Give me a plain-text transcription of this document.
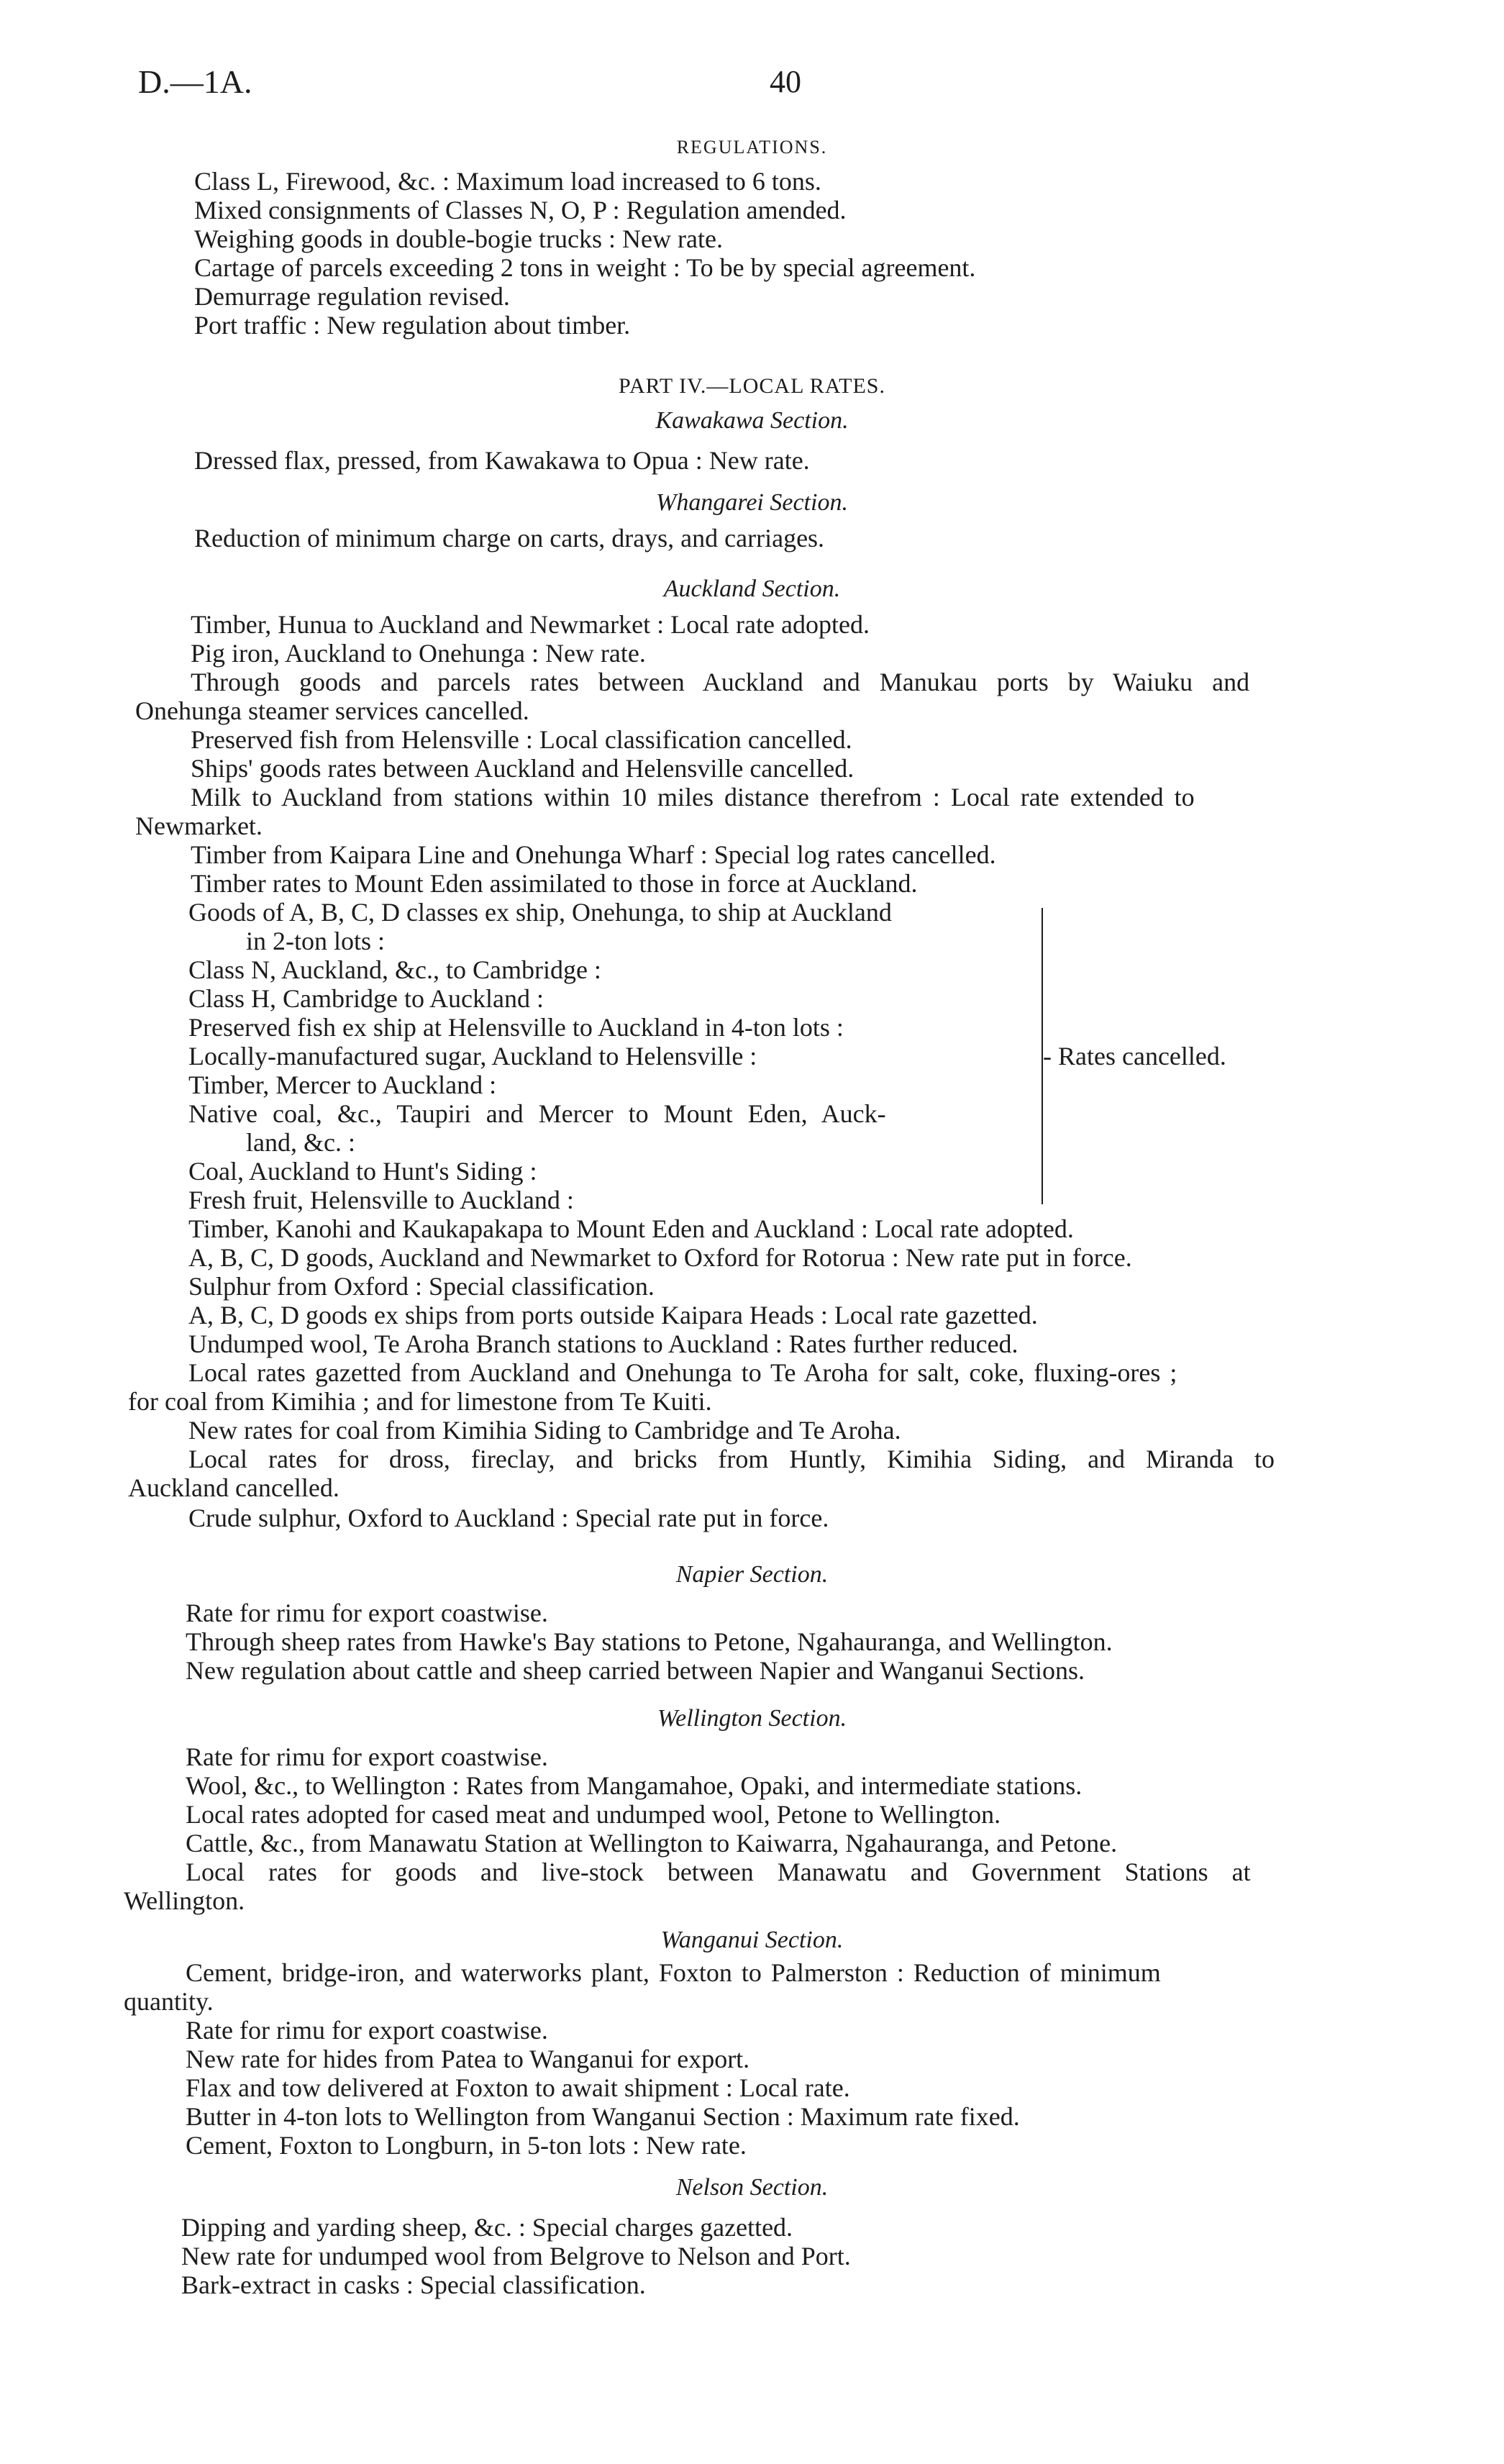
D.—1A.	40
REGULATIONS.
Class L, Firewood, &c. : Maximum load increased to 6 tons.
Mixed consignments of Classes N, O, P : Regulation amended.
Weighing goods in double-bogie trucks : New rate.
Cartage of parcels exceeding 2 tons in weight : To be by special agreement.
Demurrage regulation revised.
Port traffic : New regulation about timber.
PART IV.—LOCAL RATES.
Kawakawa Section.
Dressed flax, pressed, from Kawakawa to Opua : New rate.
Whangarei Section.
Reduction of minimum charge on carts, drays, and carriages.
Auckland Section.
Timber, Hunua to Auckland and Newmarket : Local rate adopted.
Pig iron, Auckland to Onehunga : New rate.
Through goods and parcels rates between Auckland and Manukau ports by Waiuku and
Onehunga steamer services cancelled.
Preserved fish from Helensville : Local classification cancelled.
Ships' goods rates between Auckland and Helensville cancelled.
Milk to Auckland from stations within 10 miles distance therefrom : Local rate extended to
Newmarket.
Timber from Kaipara Line and Onehunga Wharf : Special log rates cancelled.
Timber rates to Mount Eden assimilated to those in force at Auckland.
Goods of A, B, C, D classes ex ship, Onehunga, to ship at Auckland
in 2-ton lots :
Class N, Auckland, &c., to Cambridge :
Class H, Cambridge to Auckland :
Preserved fish ex ship at Helensville to Auckland in 4-ton lots :
Locally-manufactured sugar, Auckland to Helensville :
Timber, Mercer to Auckland :
Native coal, &c., Taupiri and Mercer to Mount Eden, Auck-
land, &c. :
Coal, Auckland to Hunt's Siding :
Fresh fruit, Helensville to Auckland :
- Rates cancelled.
Timber, Kanohi and Kaukapakapa to Mount Eden and Auckland : Local rate adopted.
A, B, C, D goods, Auckland and Newmarket to Oxford for Rotorua : New rate put in force.
Sulphur from Oxford : Special classification.
A, B, C, D goods ex ships from ports outside Kaipara Heads : Local rate gazetted.
Undumped wool, Te Aroha Branch stations to Auckland : Rates further reduced.
Local rates gazetted from Auckland and Onehunga to Te Aroha for salt, coke, fluxing-ores ;
for coal from Kimihia ; and for limestone from Te Kuiti.
New rates for coal from Kimihia Siding to Cambridge and Te Aroha.
Local rates for dross, fireclay, and bricks from Huntly, Kimihia Siding, and Miranda to
Auckland cancelled.
Crude sulphur, Oxford to Auckland : Special rate put in force.
Napier Section.
Rate for rimu for export coastwise.
Through sheep rates from Hawke's Bay stations to Petone, Ngahauranga, and Wellington.
New regulation about cattle and sheep carried between Napier and Wanganui Sections.
Wellington Section.
Rate for rimu for export coastwise.
Wool, &c., to Wellington : Rates from Mangamahoe, Opaki, and intermediate stations.
Local rates adopted for cased meat and undumped wool, Petone to Wellington.
Cattle, &c., from Manawatu Station at Wellington to Kaiwarra, Ngahauranga, and Petone.
Local rates for goods and live-stock between Manawatu and Government Stations at
Wellington.
Wanganui Section.
Cement, bridge-iron, and waterworks plant, Foxton to Palmerston : Reduction of minimum
quantity.
Rate for rimu for export coastwise.
New rate for hides from Patea to Wanganui for export.
Flax and tow delivered at Foxton to await shipment : Local rate.
Butter in 4-ton lots to Wellington from Wanganui Section : Maximum rate fixed.
Cement, Foxton to Longburn, in 5-ton lots : New rate.
Nelson Section.
Dipping and yarding sheep, &c. : Special charges gazetted.
New rate for undumped wool from Belgrove to Nelson and Port.
Bark-extract in casks : Special classification.
